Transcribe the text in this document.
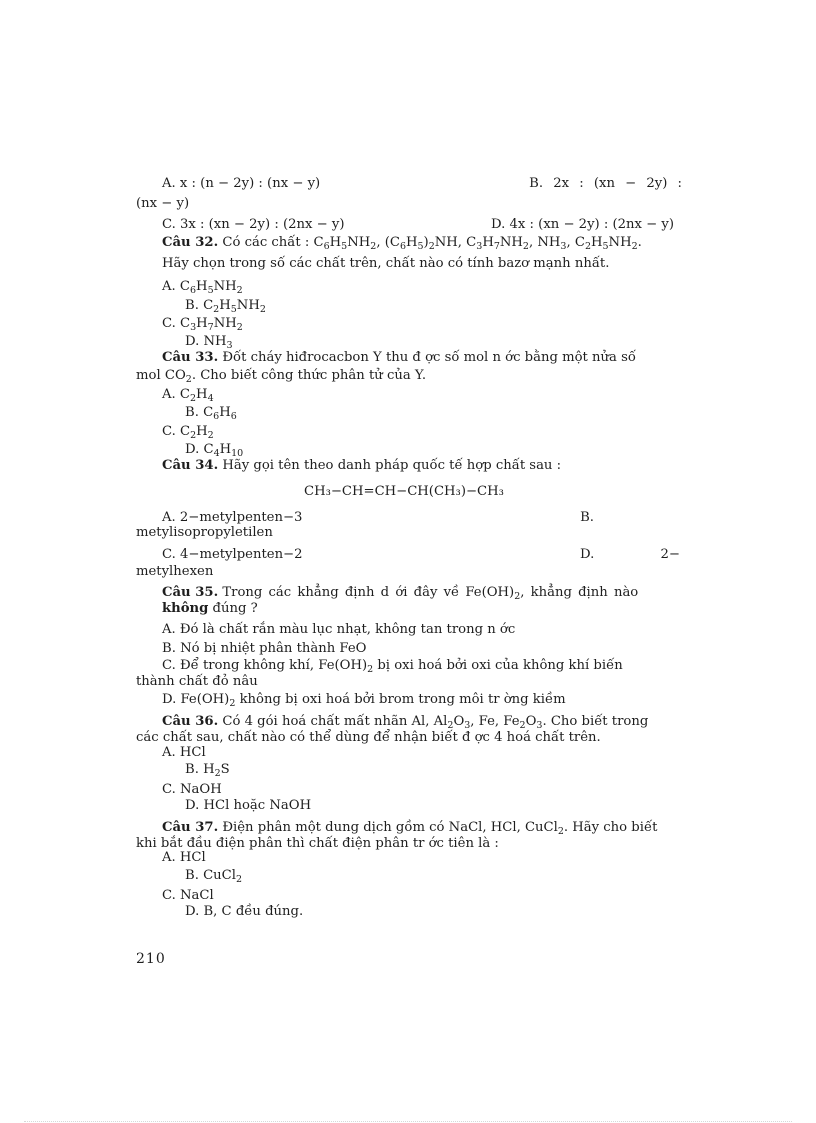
A. x : (n − 2y) : (nx − y)	B. 2x : (xn − 2y) :
(nx − y)
C. 3x : (xn − 2y) : (2nx − y)	D. 4x : (xn − 2y) : (2nx − y)
Câu 32. Có các chất : $C_6H_5NH_2$, $(C_6H_5)_2NH$, $C_3H_7NH_2$, $NH_3$, $C_2H_5NH_2$.
Hãy chọn trong số các chất trên, chất nào có tính bazơ mạnh nhất.
A. $C_6H_5NH_2$
B. $C_2H_5NH_2$
C. $C_3H_7NH_2$
D. $NH_3$
Câu 33. Đốt cháy hiđrocacbon Y thu đ ợc số mol n ớc bằng một nửa số
mol $CO_2$. Cho biết công thức phân tử của Y.
A. $C_2H_4$
B. $C_6H_6$
C. $C_2H_2$
D. $C_4H_{10}$
Câu 34. Hãy gọi tên theo danh pháp quốc tế hợp chất sau :
CH₃−CH=CH−CH(CH₃)−CH₃
A. 2−metylpenten−3	B.
metylisopropyletilen
C. 4−metylpenten−2	D.	2−
metylhexen
Câu 35. Trong các khẳng định d ới đây về $Fe(OH)_2$, khẳng định nào
không đúng ?
A. Đó là chất rắn màu lục nhạt, không tan trong n ớc
B. Nó bị nhiệt phân thành FeO
C. Để trong không khí, $Fe(OH)_2$ bị oxi hoá bởi oxi của không khí biến
thành chất đỏ nâu
D. $Fe(OH)_2$ không bị oxi hoá bởi brom trong môi tr ờng kiềm
Câu 36. Có 4 gói hoá chất mất nhãn Al, $Al_2O_3$, Fe, $Fe_2O_3$. Cho biết trong
các chất sau, chất nào có thể dùng để nhận biết đ ợc 4 hoá chất trên.
A. HCl
B. $H_2S$
C. NaOH
D. HCl hoặc NaOH
Câu 37. Điện phân một dung dịch gồm có NaCl, HCl, CuCl$_2$. Hãy cho biết
khi bắt đầu điện phân thì chất điện phân tr ớc tiên là :
A. HCl
B. CuCl$_2$
C. NaCl
D. B, C đều đúng.
210
